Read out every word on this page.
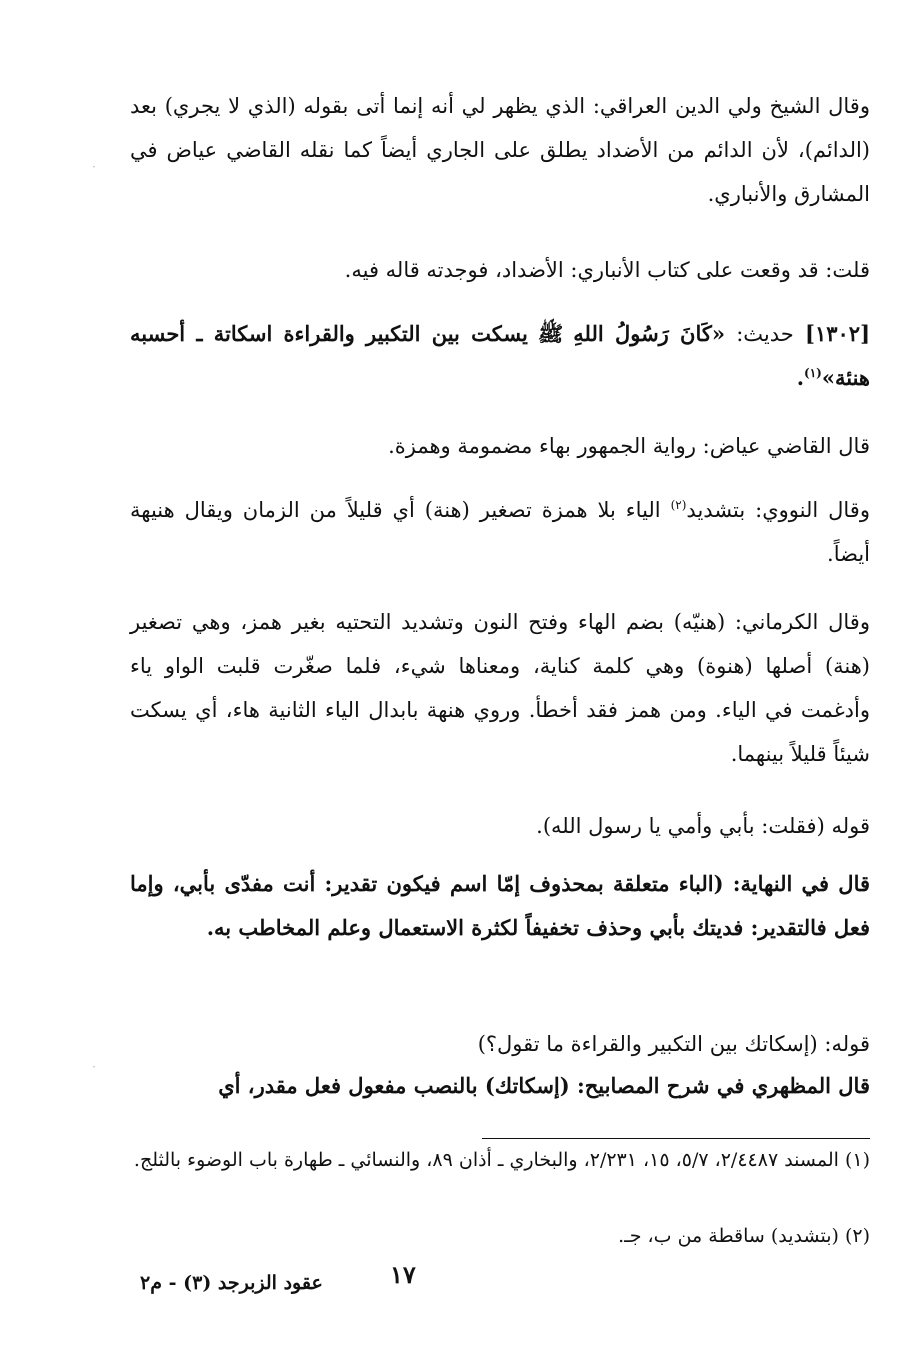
وقال الشيخ ولي الدين العراقي: الذي يظهر لي أنه إنما أتى بقوله (الذي لا يجري) بعد (الدائم)، لأن الدائم من الأضداد يطلق على الجاري أيضاً كما نقله القاضي عياض في المشارق والأنباري.

قلت: قد وقعت على كتاب الأنباري: الأضداد، فوجدته قاله فيه.

[١٣٠٢] حديث: «كَانَ رَسُولُ اللهِﷺيسكت بين التكبير والقراءة اسكاتة ـ أحسبه هنئة»$^{(١)}$.

قال القاضي عياض: رواية الجمهور بهاء مضمومة وهمزة.

وقال النووي: بتشديد$^{(٢)}$ الياء بلا همزة تصغير (هنة) أي قليلاً من الزمان ويقال هنيهة أيضاً.

وقال الكرماني: (هنيّه) بضم الهاء وفتح النون وتشديد التحتيه بغير همز، وهي تصغير (هنة) أصلها (هنوة) وهي كلمة كناية، ومعناها شيء، فلما صغّرت قلبت الواو ياء وأدغمت في الياء. ومن همز فقد أخطأ. وروي هنهة بابدال الياء الثانية هاء، أي يسكت شيئاً قليلاً بينهما.

قوله (فقلت: بأبي وأمي يا رسول الله).

قال في النهاية: (الباء متعلقة بمحذوف إمّا اسم فيكون تقدير: أنت مفدّى بأبي، وإما فعل فالتقدير: فديتك بأبي وحذف تخفيفاً لكثرة الاستعمال وعلم المخاطب به.

قوله: (إسكاتك بين التكبير والقراءة ما تقول؟)

قال المظهري في شرح المصابيح: (إسكاتك) بالنصب مفعول فعل مقدر، أي

(١) المسند ٢/٤٤٨٧، ٥/٧، ١٥، ٢/٢٣١، والبخاري ـ أذان ٨٩، والنسائي ـ طهارة باب الوضوء بالثلج.

(٢) (بتشديد) ساقطة من ب، جـ.

١٧
عقود الزبرجد (٣) - م٢
·
·
